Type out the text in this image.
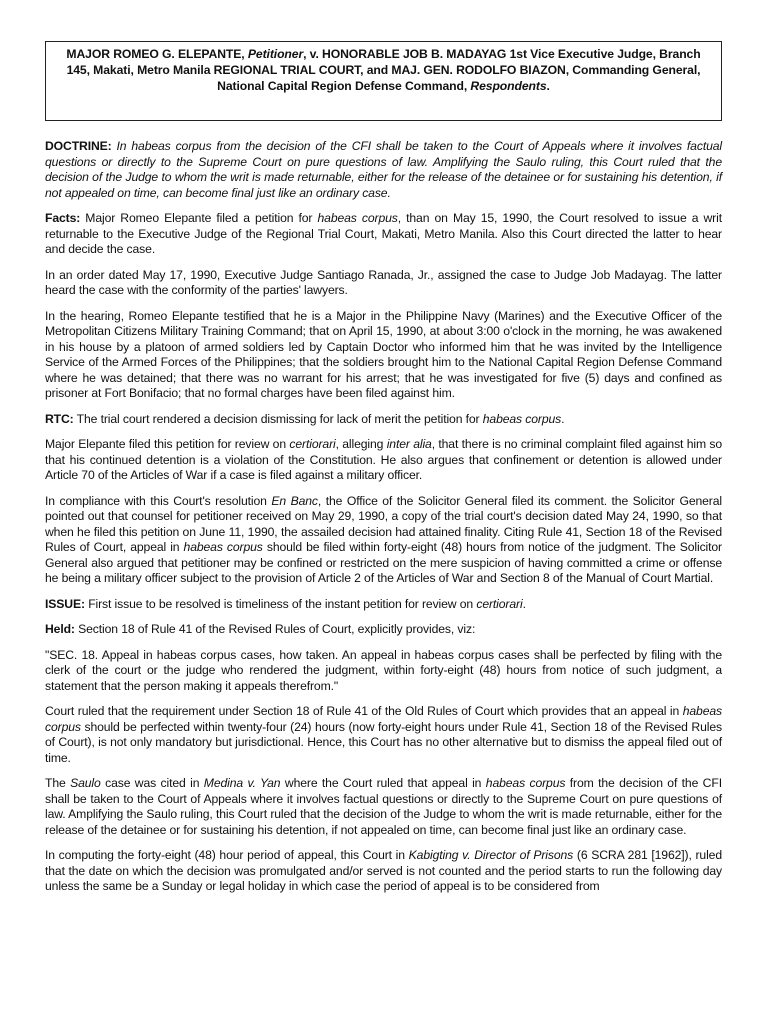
MAJOR ROMEO G. ELEPANTE, Petitioner, v. HONORABLE JOB B. MADAYAG 1st Vice Executive Judge, Branch 145, Makati, Metro Manila REGIONAL TRIAL COURT, and MAJ. GEN. RODOLFO BIAZON, Commanding General, National Capital Region Defense Command, Respondents.

DOCTRINE: In habeas corpus from the decision of the CFI shall be taken to the Court of Appeals where it involves factual questions or directly to the Supreme Court on pure questions of law. Amplifying the Saulo ruling, this Court ruled that the decision of the Judge to whom the writ is made returnable, either for the release of the detainee or for sustaining his detention, if not appealed on time, can become final just like an ordinary case.

Facts: Major Romeo Elepante filed a petition for habeas corpus, than on May 15, 1990, the Court resolved to issue a writ returnable to the Executive Judge of the Regional Trial Court, Makati, Metro Manila. Also this Court directed the latter to hear and decide the case.

In an order dated May 17, 1990, Executive Judge Santiago Ranada, Jr., assigned the case to Judge Job Madayag. The latter heard the case with the conformity of the parties' lawyers.

In the hearing, Romeo Elepante testified that he is a Major in the Philippine Navy (Marines) and the Executive Officer of the Metropolitan Citizens Military Training Command; that on April 15, 1990, at about 3:00 o'clock in the morning, he was awakened in his house by a platoon of armed soldiers led by Captain Doctor who informed him that he was invited by the Intelligence Service of the Armed Forces of the Philippines; that the soldiers brought him to the National Capital Region Defense Command where he was detained; that there was no warrant for his arrest; that he was investigated for five (5) days and confined as prisoner at Fort Bonifacio; that no formal charges have been filed against him.

RTC: The trial court rendered a decision dismissing for lack of merit the petition for habeas corpus.

Major Elepante filed this petition for review on certiorari, alleging inter alia, that there is no criminal complaint filed against him so that his continued detention is a violation of the Constitution. He also argues that confinement or detention is allowed under Article 70 of the Articles of War if a case is filed against a military officer.

In compliance with this Court's resolution En Banc, the Office of the Solicitor General filed its comment. the Solicitor General pointed out that counsel for petitioner received on May 29, 1990, a copy of the trial court's decision dated May 24, 1990, so that when he filed this petition on June 11, 1990, the assailed decision had attained finality. Citing Rule 41, Section 18 of the Revised Rules of Court, appeal in habeas corpus should be filed within forty-eight (48) hours from notice of the judgment. The Solicitor General also argued that petitioner may be confined or restricted on the mere suspicion of having committed a crime or offense he being a military officer subject to the provision of Article 2 of the Articles of War and Section 8 of the Manual of Court Martial.

ISSUE: First issue to be resolved is timeliness of the instant petition for review on certiorari.

Held: Section 18 of Rule 41 of the Revised Rules of Court, explicitly provides, viz:

"SEC. 18. Appeal in habeas corpus cases, how taken. An appeal in habeas corpus cases shall be perfected by filing with the clerk of the court or the judge who rendered the judgment, within forty-eight (48) hours from notice of such judgment, a statement that the person making it appeals therefrom."

Court ruled that the requirement under Section 18 of Rule 41 of the Old Rules of Court which provides that an appeal in habeas corpus should be perfected within twenty-four (24) hours (now forty-eight hours under Rule 41, Section 18 of the Revised Rules of Court), is not only mandatory but jurisdictional. Hence, this Court has no other alternative but to dismiss the appeal filed out of time.

The Saulo case was cited in Medina v. Yan where the Court ruled that appeal in habeas corpus from the decision of the CFI shall be taken to the Court of Appeals where it involves factual questions or directly to the Supreme Court on pure questions of law. Amplifying the Saulo ruling, this Court ruled that the decision of the Judge to whom the writ is made returnable, either for the release of the detainee or for sustaining his detention, if not appealed on time, can become final just like an ordinary case.

In computing the forty-eight (48) hour period of appeal, this Court in Kabigting v. Director of Prisons (6 SCRA 281 [1962]), ruled that the date on which the decision was promulgated and/or served is not counted and the period starts to run the following day unless the same be a Sunday or legal holiday in which case the period of appeal is to be considered from
